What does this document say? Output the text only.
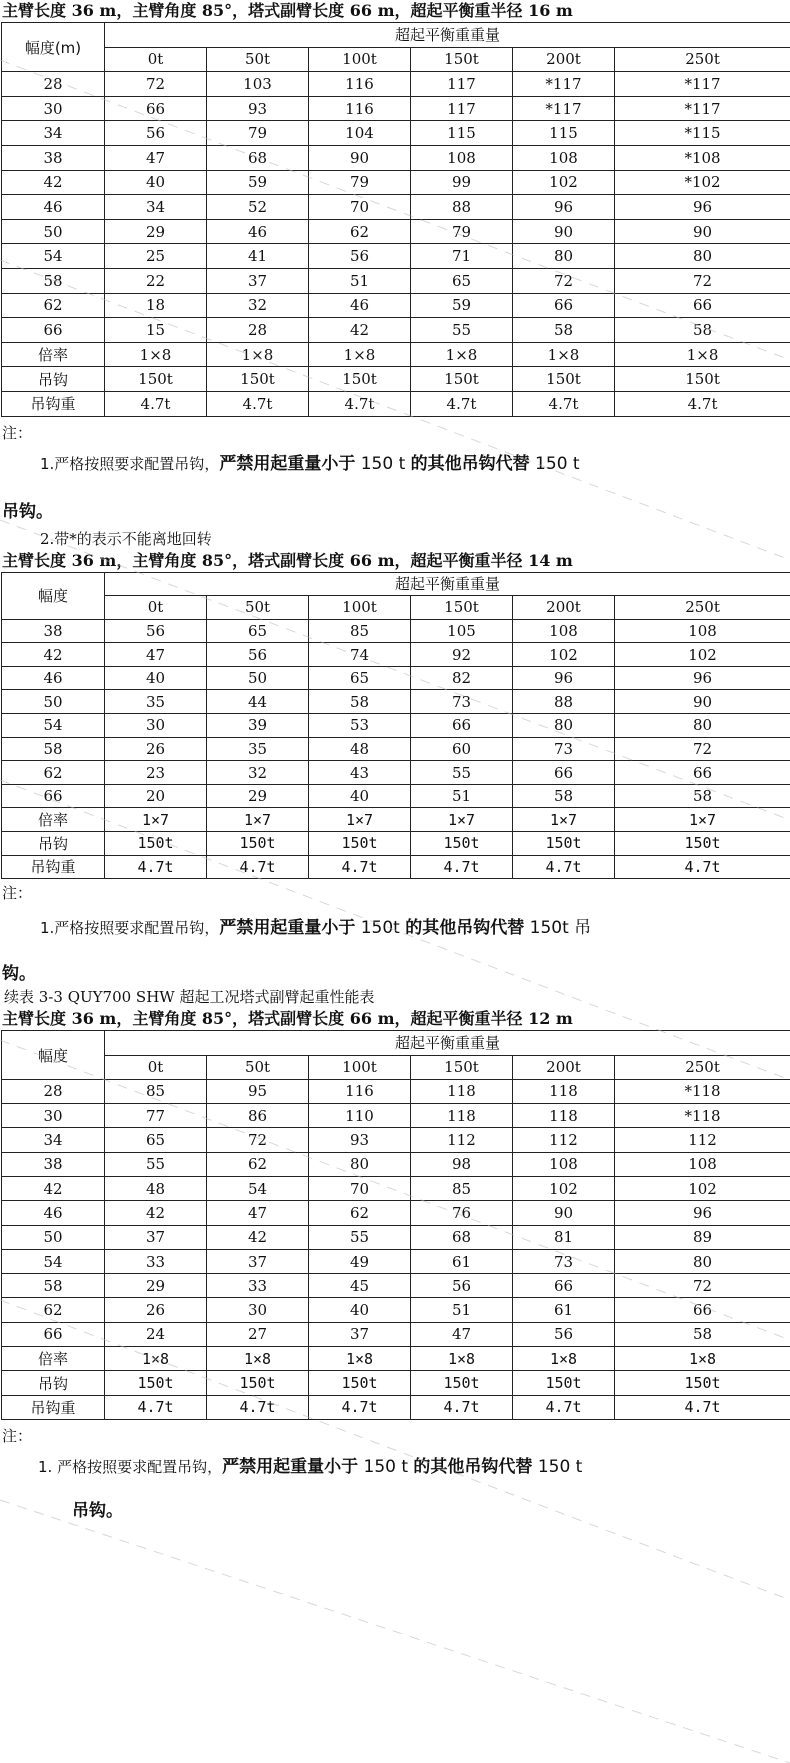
主臂长度 36 m，主臂角度 85°，塔式副臂长度 66 m，超起平衡重半径 16 m
幅度(m)	超起平衡重重量					
	0t	50t	100t	150t	200t	250t
28	72	103	116	117	*117	*117
30	66	93	116	117	*117	*117
34	56	79	104	115	115	*115
38	47	68	90	108	108	*108
42	40	59	79	99	102	*102
46	34	52	70	88	96	96
50	29	46	62	79	90	90
54	25	41	56	71	80	80
58	22	37	51	65	72	72
62	18	32	46	59	66	66
66	15	28	42	55	58	58
倍率	1×8	1×8	1×8	1×8	1×8	1×8
吊钩	150t	150t	150t	150t	150t	150t
吊钩重	4.7t	4.7t	4.7t	4.7t	4.7t	4.7t
注：
1.严格按照要求配置吊钩，严禁用起重量小于 150 t 的其他吊钩代替 150 t
吊钩。
2.带*的表示不能离地回转
主臂长度 36 m，主臂角度 85°，塔式副臂长度 66 m，超起平衡重半径 14 m
幅度	超起平衡重重量					
	0t	50t	100t	150t	200t	250t
38	56	65	85	105	108	108
42	47	56	74	92	102	102
46	40	50	65	82	96	96
50	35	44	58	73	88	90
54	30	39	53	66	80	80
58	26	35	48	60	73	72
62	23	32	43	55	66	66
66	20	29	40	51	58	58
倍率	1×7	1×7	1×7	1×7	1×7	1×7
吊钩	150t	150t	150t	150t	150t	150t
吊钩重	4.7t	4.7t	4.7t	4.7t	4.7t	4.7t
注：
1.严格按照要求配置吊钩，严禁用起重量小于 150t 的其他吊钩代替 150t 吊
钩。
续表 3-3 QUY700 SHW 超起工况塔式副臂起重性能表
主臂长度 36 m，主臂角度 85°，塔式副臂长度 66 m，超起平衡重半径 12 m
幅度	超起平衡重重量					
	0t	50t	100t	150t	200t	250t
28	85	95	116	118	118	*118
30	77	86	110	118	118	*118
34	65	72	93	112	112	112
38	55	62	80	98	108	108
42	48	54	70	85	102	102
46	42	47	62	76	90	96
50	37	42	55	68	81	89
54	33	37	49	61	73	80
58	29	33	45	56	66	72
62	26	30	40	51	61	66
66	24	27	37	47	56	58
倍率	1×8	1×8	1×8	1×8	1×8	1×8
吊钩	150t	150t	150t	150t	150t	150t
吊钩重	4.7t	4.7t	4.7t	4.7t	4.7t	4.7t
注：
1. 严格按照要求配置吊钩，严禁用起重量小于 150 t 的其他吊钩代替 150 t
吊钩。
